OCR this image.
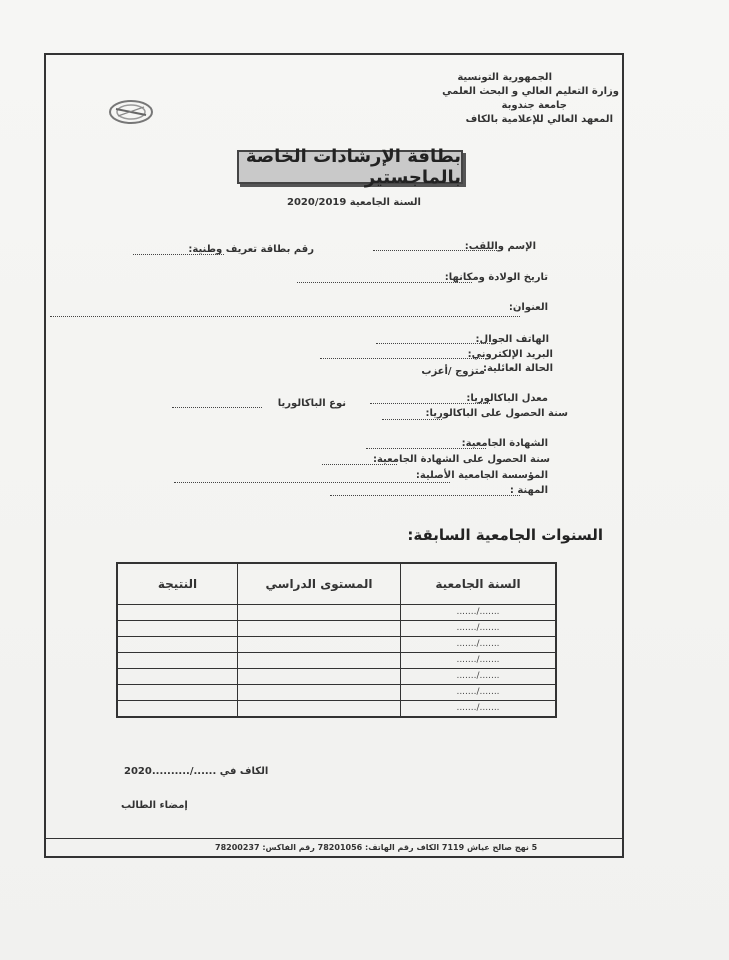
الجمهورية التونسية
وزارة التعليم العالي و البحث العلمي
جامعة جندوبة
المعهد العالي للإعلامية بالكاف
بطاقة الإرشادات الخاصة بالماجستير
السنة الجامعية 2020/2019
الإسم واللقب:
رقم بطاقة تعريف وطنية:
تاريخ الولادة ومكانها:
العنوان:
الهاتف الجوال:
البريد الإلكتروني:
الحالة العائلية:
متزوج /أعزب
معدل الباكالوريا:
نوع الباكالوريا
سنة الحصول على الباكالوريا:
الشهادة الجامعية:
سنة الحصول على الشهادة الجامعية:
المؤسسة الجامعية الأصلية:
المهنة :
السنوات الجامعية السابقة:
السنة الجامعية	المستوى الدراسي	النتيجة
......./.......		
......./.......		
......./.......		
......./.......		
......./.......		
......./.......		
......./.......		
الكاف في ....../..........2020
إمضاء الطالب
5 نهج صالح عياش 7119 الكاف رقم الهاتف: 78201056 رقم الفاكس: 78200237
